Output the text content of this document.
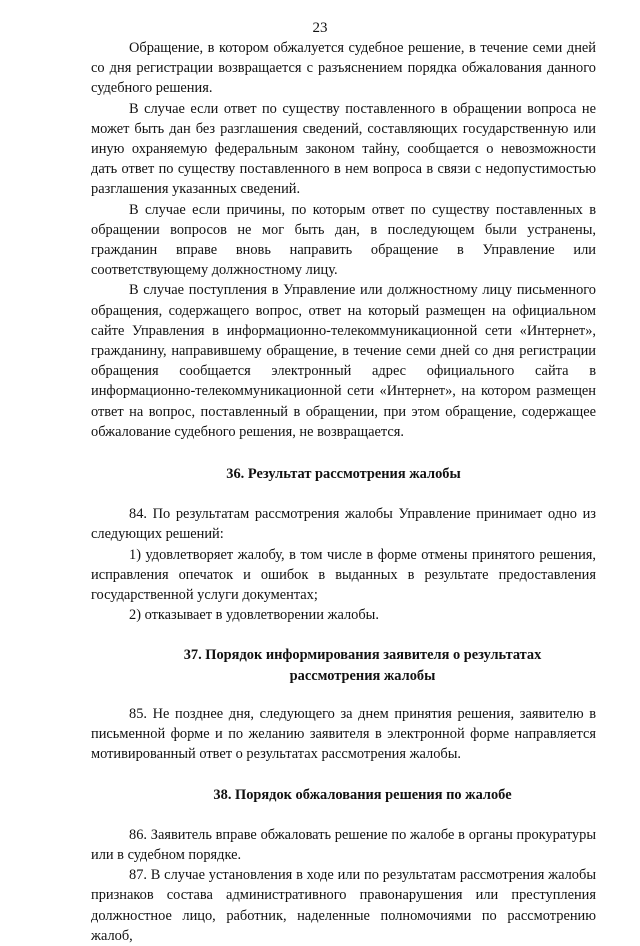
23

Обращение, в котором обжалуется судебное решение, в течение семи дней со дня регистрации возвращается с разъяснением порядка обжалования данного судебного решения.

В случае если ответ по существу поставленного в обращении вопроса не может быть дан без разглашения сведений, составляющих государственную или иную охраняемую федеральным законом тайну, сообщается о невозможности дать ответ по существу поставленного в нем вопроса в связи с недопустимостью разглашения указанных сведений.

В случае если причины, по которым ответ по существу поставленных в обращении вопросов не мог быть дан, в последующем были устранены, гражданин вправе вновь направить обращение в Управление или соответствующему должностному лицу.

В случае поступления в Управление или должностному лицу письменного обращения, содержащего вопрос, ответ на который размещен на официальном сайте Управления в информационно-телекоммуникационной сети «Интернет», гражданину, направившему обращение, в течение семи дней со дня регистрации обращения сообщается электронный адрес официального сайта в информационно-телекоммуникационной сети «Интернет», на котором размещен ответ на вопрос, поставленный в обращении, при этом обращение, содержащее обжалование судебного решения, не возвращается.

36. Результат рассмотрения жалобы

84. По результатам рассмотрения жалобы Управление принимает одно из следующих решений:

1) удовлетворяет жалобу, в том числе в форме отмены принятого решения, исправления опечаток и ошибок в выданных в результате предоставления государственной услуги документах;

2) отказывает в удовлетворении жалобы.

37. Порядок информирования заявителя о результатах
рассмотрения жалобы

85. Не позднее дня, следующего за днем принятия решения, заявителю в письменной форме и по желанию заявителя в электронной форме направляется мотивированный ответ о результатах рассмотрения жалобы.

38. Порядок обжалования решения по жалобе

86. Заявитель вправе обжаловать решение по жалобе в органы прокуратуры или в судебном порядке.

87. В случае установления в ходе или по результатам рассмотрения жалобы признаков состава административного правонарушения или преступления должностное лицо, работник, наделенные полномочиями по рассмотрению жалоб,
